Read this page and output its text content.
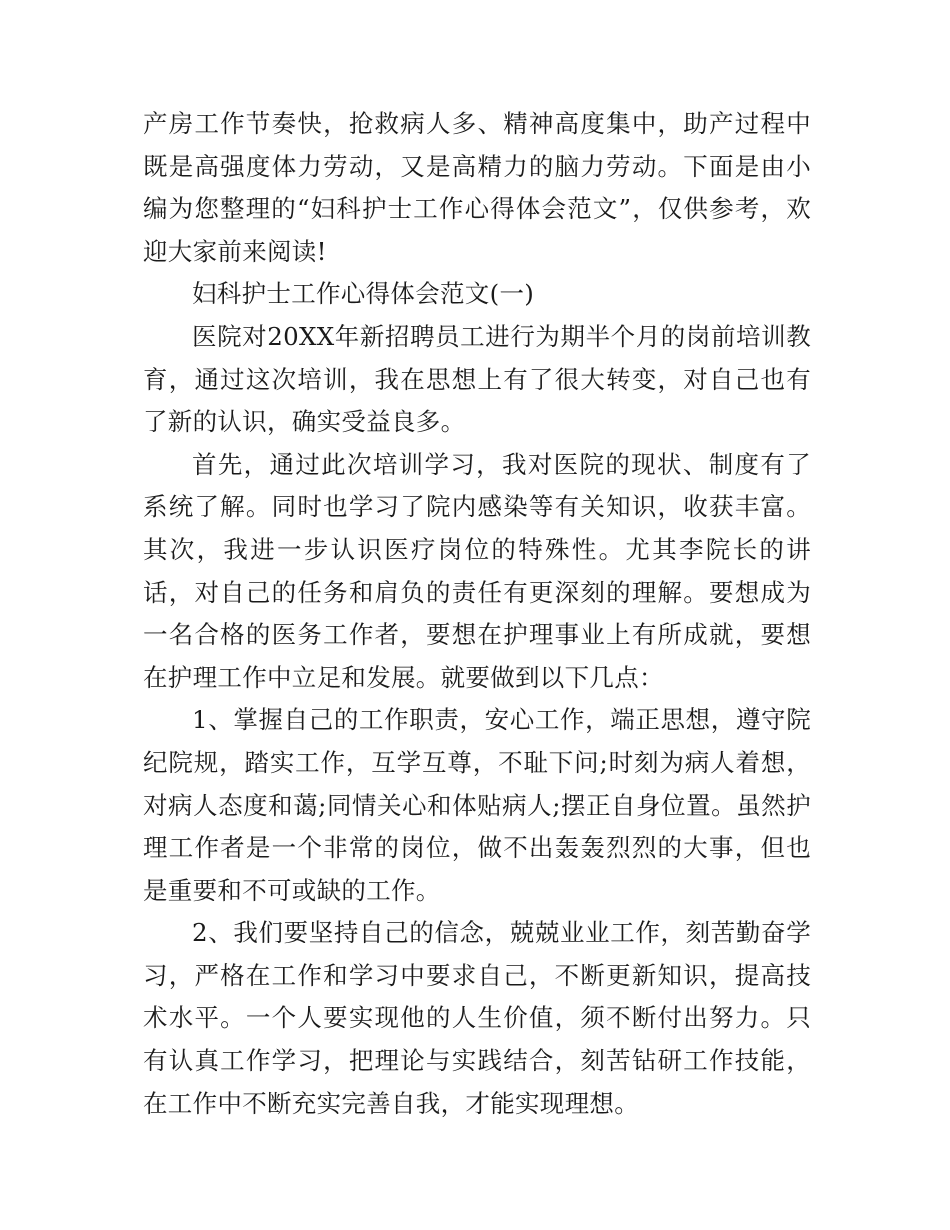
产房工作节奏快，抢救病人多、精神高度集中，助产过程中既是高强度体力劳动，又是高精力的脑力劳动。下面是由小编为您整理的“妇科护士工作心得体会范文”，仅供参考，欢迎大家前来阅读!

妇科护士工作心得体会范文(一)

医院对20XX年新招聘员工进行为期半个月的岗前培训教育，通过这次培训，我在思想上有了很大转变，对自己也有了新的认识，确实受益良多。

首先，通过此次培训学习，我对医院的现状、制度有了系统了解。同时也学习了院内感染等有关知识，收获丰富。其次，我进一步认识医疗岗位的特殊性。尤其李院长的讲话，对自己的任务和肩负的责任有更深刻的理解。要想成为一名合格的医务工作者，要想在护理事业上有所成就，要想在护理工作中立足和发展。就要做到以下几点：

1、掌握自己的工作职责，安心工作，端正思想，遵守院纪院规，踏实工作，互学互尊，不耻下问;时刻为病人着想，对病人态度和蔼;同情关心和体贴病人;摆正自身位置。虽然护理工作者是一个非常的岗位，做不出轰轰烈烈的大事，但也是重要和不可或缺的工作。

2、我们要坚持自己的信念，兢兢业业工作，刻苦勤奋学习，严格在工作和学习中要求自己，不断更新知识，提高技术水平。一个人要实现他的人生价值，须不断付出努力。只有认真工作学习，把理论与实践结合，刻苦钻研工作技能，在工作中不断充实完善自我，才能实现理想。
